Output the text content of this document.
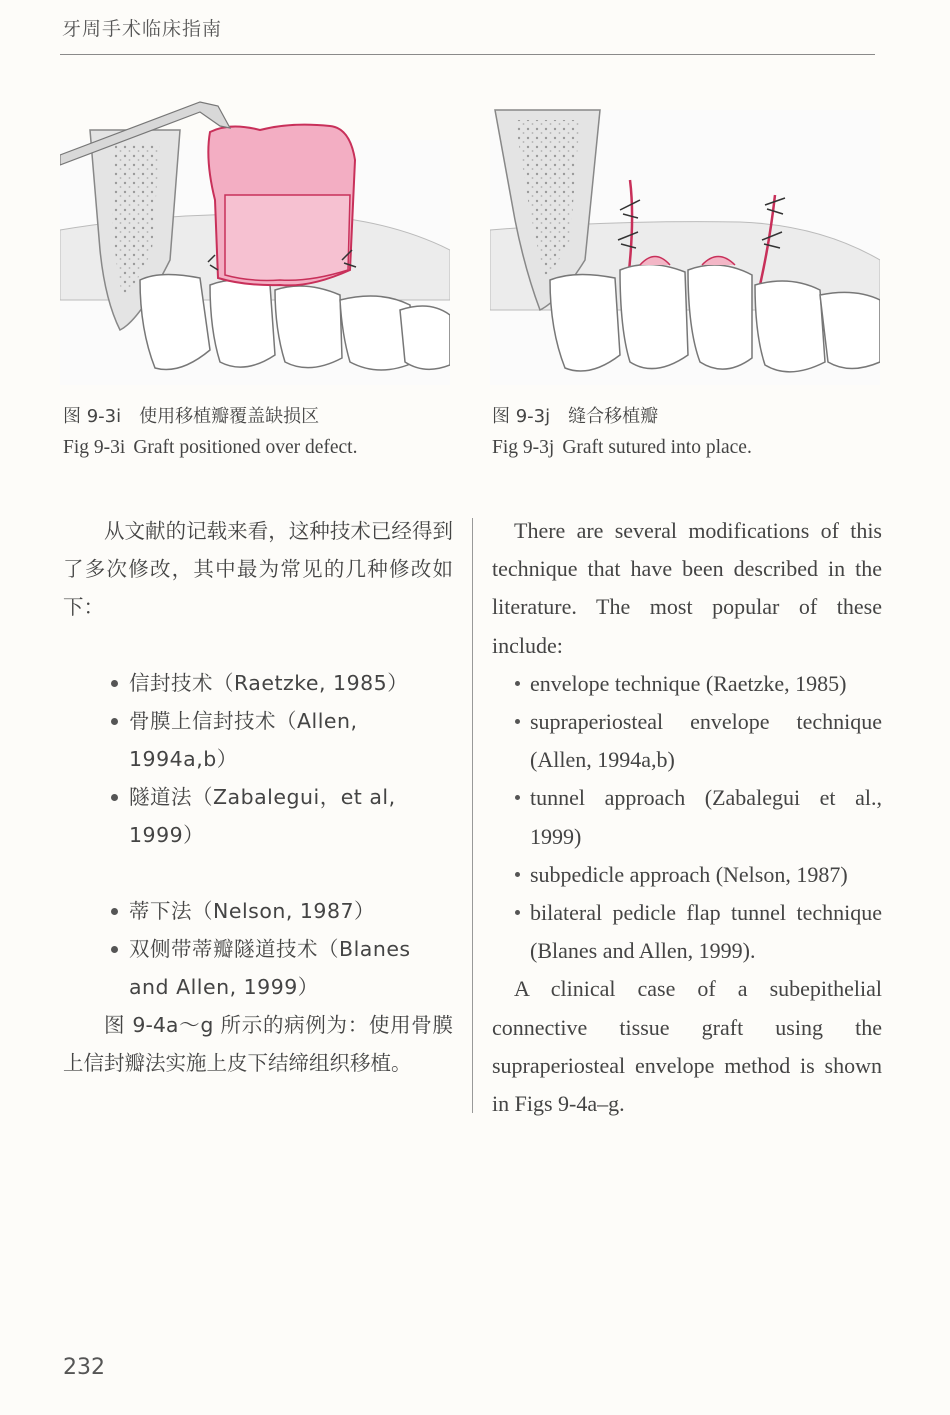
牙周手术临床指南
图 9-3i 使用移植瓣覆盖缺损区
Fig 9-3i Graft positioned over defect.
图 9-3j 缝合移植瓣
Fig 9-3j Graft sutured into place.

从文献的记载来看，这种技术已经得到了多次修改，其中最为常见的几种修改如下：

信封技术（Raetzke, 1985）
骨膜上信封技术（Allen, 1994a,b）
隧道法（Zabalegui，et al, 1999）
蒂下法（Nelson, 1987）
双侧带蒂瓣隧道技术（Blanes and Allen, 1999）

图 9-4a～g 所示的病例为：使用骨膜上信封瓣法实施上皮下结缔组织移植。

There are several modifications of this technique that have been described in the literature. The most popular of these include:

envelope technique (Raetzke, 1985)
supraperiosteal envelope technique (Allen, 1994a,b)
tunnel approach (Zabalegui et al., 1999)
subpedicle approach (Nelson, 1987)
bilateral pedicle flap tunnel technique (Blanes and Allen, 1999).

A clinical case of a subepithelial connective tissue graft using the supraperiosteal envelope method is shown in Figs 9-4a–g.

232
